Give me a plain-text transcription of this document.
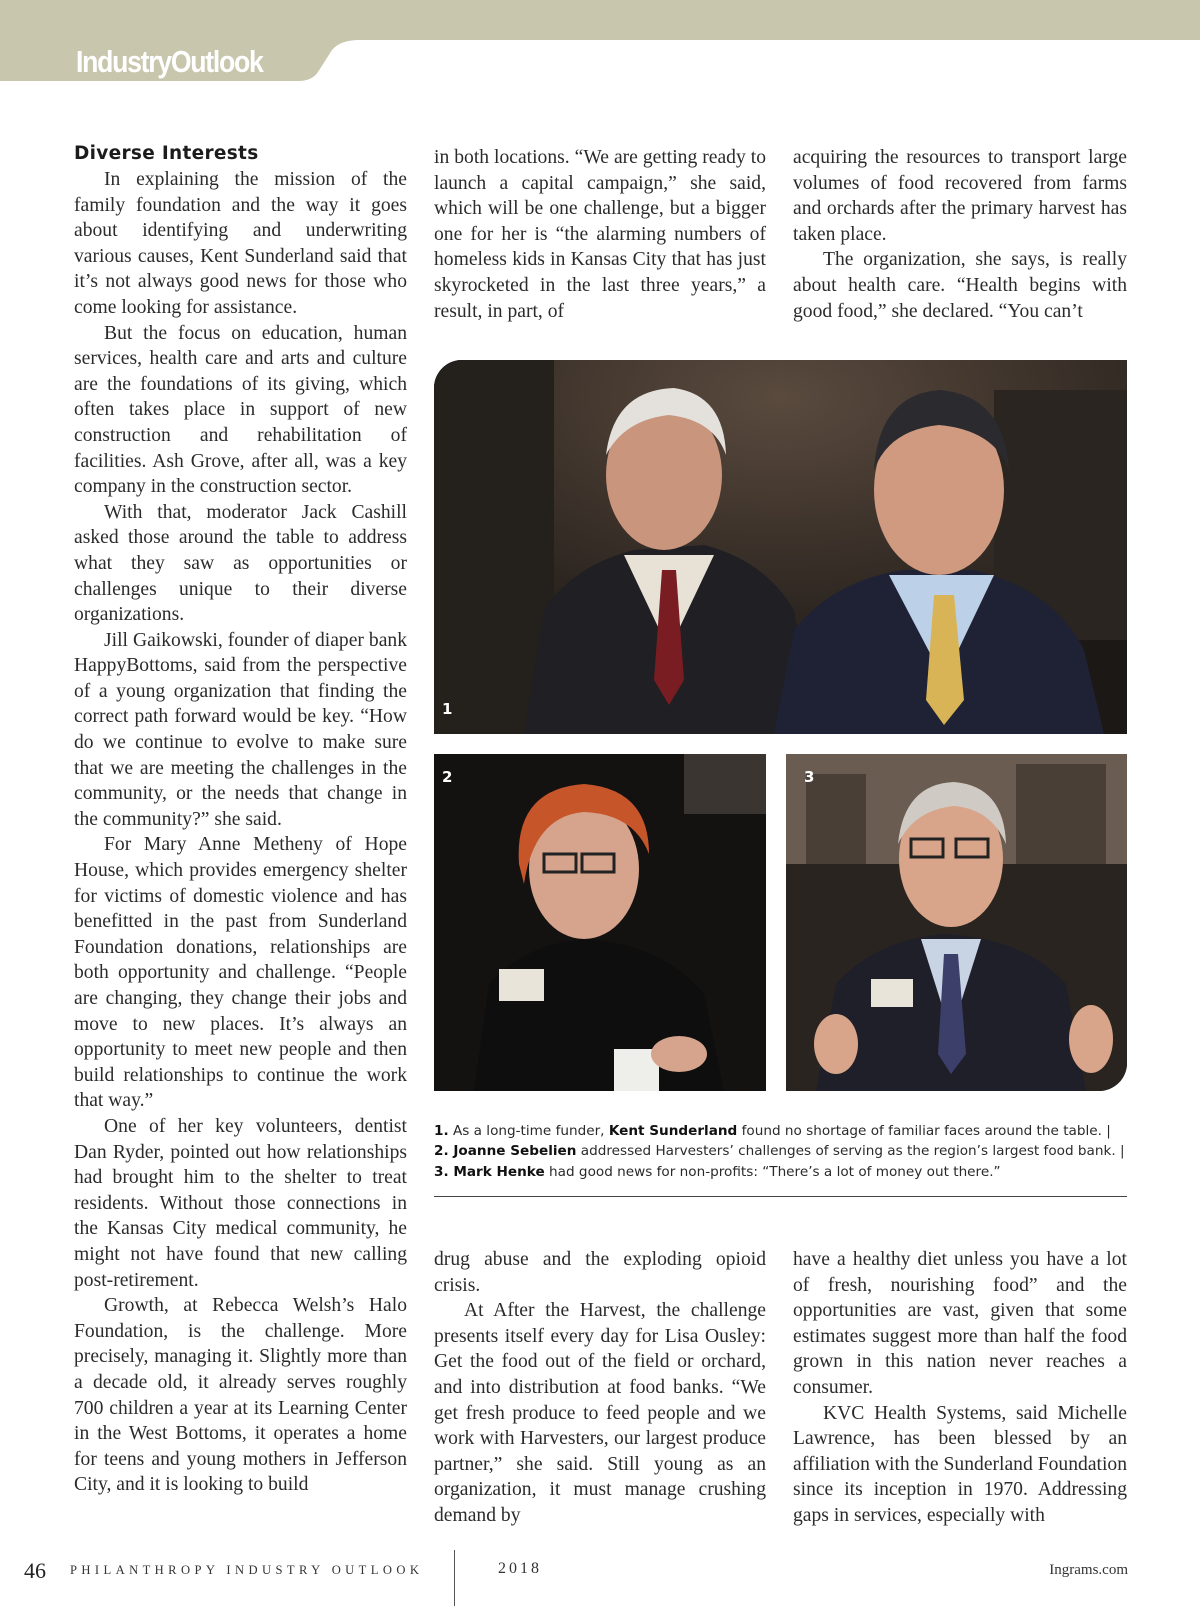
IndustryOutlook
Diverse Interests

In explaining the mission of the family foundation and the way it goes about identifying and underwriting various causes, Kent Sunderland said that it’s not always good news for those who come looking for assistance.

But the focus on education, human services, health care and arts and culture are the foundations of its giving, which often takes place in support of new construction and rehabilitation of facilities. Ash Grove, after all, was a key company in the construction sector.

With that, moderator Jack Cashill asked those around the table to address what they saw as opportunities or challenges unique to their diverse organizations.

Jill Gaikowski, founder of diaper bank HappyBottoms, said from the perspective of a young organization that finding the correct path forward would be key. “How do we continue to evolve to make sure that we are meeting the challenges in the community, or the needs that change in the community?” she said.

For Mary Anne Metheny of Hope House, which provides emergency shelter for victims of domestic violence and has benefitted in the past from Sunderland Foundation donations, relationships are both opportunity and challenge. “People are changing, they change their jobs and move to new places. It’s always an opportunity to meet new people and then build relationships to continue the work that way.”

One of her key volunteers, dentist Dan Ryder, pointed out how relationships had brought him to the shelter to treat residents. Without those connections in the Kansas City medical community, he might not have found that new calling post-retirement.

Growth, at Rebecca Welsh’s Halo Foundation, is the challenge. More precisely, managing it. Slightly more than a decade old, it already serves roughly 700 children a year at its Learning Center in the West Bottoms, it operates a home for teens and young mothers in Jefferson City, and it is looking to build

in both locations. “We are getting ready to launch a capital campaign,” she said, which will be one challenge, but a bigger one for her is “the alarming numbers of homeless kids in Kansas City that has just skyrocketed in the last three years,” a result, in part, of

acquiring the resources to transport large volumes of food recovered from farms and orchards after the primary harvest has taken place.

The organization, she says, is really about health care. “Health begins with good food,” she declared. “You can’t

1
2	3
1. As a long-time funder, Kent Sunderland found no shortage of familiar faces around the table. | 2. Joanne Sebelien addressed Harvesters’ challenges of serving as the region’s largest food bank. | 3. Mark Henke had good news for non-profits: “There’s a lot of money out there.”

drug abuse and the exploding opioid crisis.

At After the Harvest, the challenge presents itself every day for Lisa Ousley: Get the food out of the field or orchard, and into distribution at food banks. “We get fresh produce to feed people and we work with Harvesters, our largest produce partner,” she said. Still young as an organization, it must manage crushing demand by

have a healthy diet unless you have a lot of fresh, nourishing food” and the opportunities are vast, given that some estimates suggest more than half the food grown in this nation never reaches a consumer.

KVC Health Systems, said Michelle Lawrence, has been blessed by an affiliation with the Sunderland Foundation since its inception in 1970. Addressing gaps in services, especially with

46 PHILANTHROPY INDUSTRY OUTLOOK	2018	Ingrams.com
